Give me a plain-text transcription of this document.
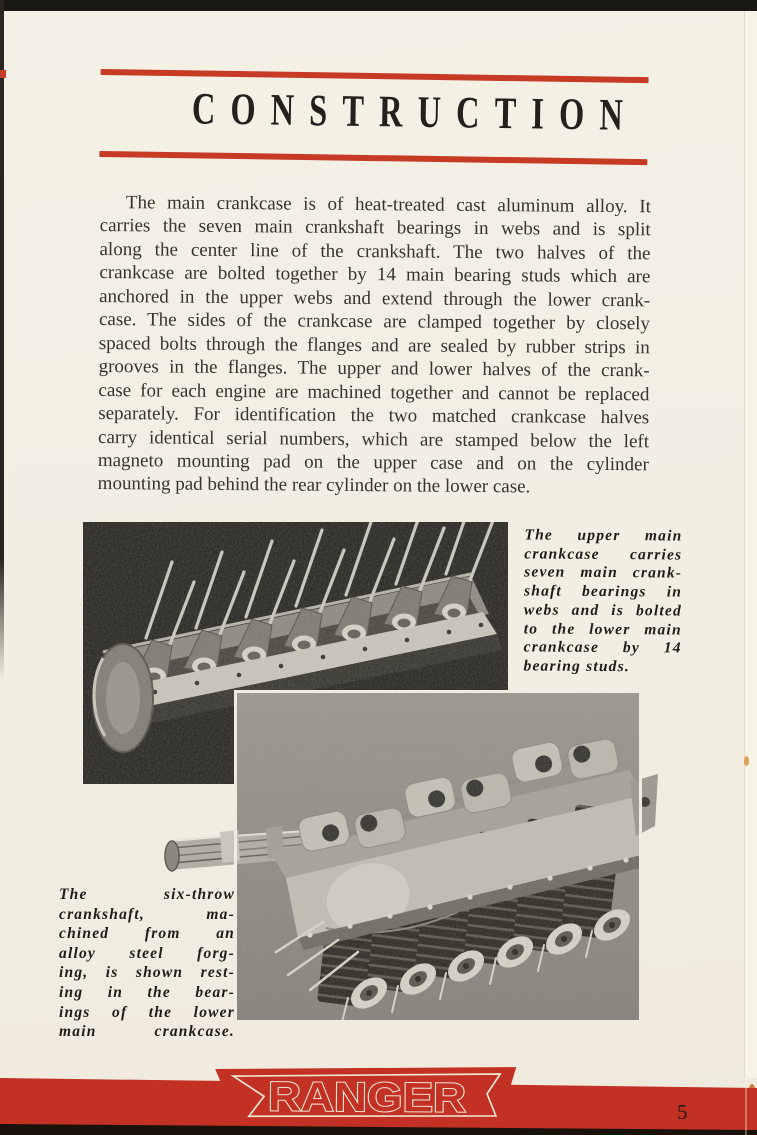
CONSTRUCTION
The main crankcase is of heat-treated cast aluminum alloy. It
carries the seven main crankshaft bearings in webs and is split
along the center line of the crankshaft. The two halves of the
crankcase are bolted together by 14 main bearing studs which are
anchored in the upper webs and extend through the lower crank-
case. The sides of the crankcase are clamped together by closely
spaced bolts through the flanges and are sealed by rubber strips in
grooves in the flanges. The upper and lower halves of the crank-
case for each engine are machined together and cannot be replaced
separately. For identification the two matched crankcase halves
carry identical serial numbers, which are stamped below the left
magneto mounting pad on the upper case and on the cylinder
mounting pad behind the rear cylinder on the lower case.
The upper main
crankcase carries
seven main crank-
shaft bearings in
webs and is bolted
to the lower main
crankcase by 14
bearing studs.
The six-throw
crankshaft, ma-
chined from an
alloy steel forg-
ing, is shown rest-
ing in the bear-
ings of the lower
main crankcase.
RANGER	5
